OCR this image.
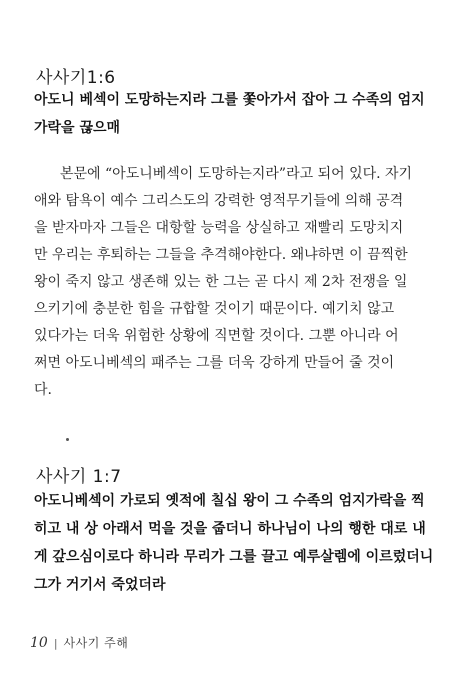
사사기1:6
아도니 베섹이 도망하는지라 그를 쫓아가서 잡아 그 수족의 엄지
가락을 끊으매
본문에 “아도니베섹이 도망하는지라”라고 되어 있다. 자기
애와 탐욕이 예수 그리스도의 강력한 영적무기들에 의해 공격
을 받자마자 그들은 대항할 능력을 상실하고 재빨리 도망치지
만 우리는 후퇴하는 그들을 추격해야한다. 왜냐하면 이 끔찍한
왕이 죽지 않고 생존해 있는 한 그는 곧 다시 제 2차 전쟁을 일
으키기에 충분한 힘을 규합할 것이기 때문이다. 예기치 않고
있다가는 더욱 위험한 상황에 직면할 것이다. 그뿐 아니라 어
쩌면 아도니베섹의 패주는 그를 더욱 강하게 만들어 줄 것이
다.
사사기 1:7
아도니베섹이 가로되 옛적에 칠십 왕이 그 수족의 엄지가락을 찍
히고 내 상 아래서 먹을 것을 줍더니 하나님이 나의 행한 대로 내
게 갚으심이로다 하니라 무리가 그를 끌고 예루살렘에 이르렀더니
그가 거기서 죽었더라
10 | 사사기 주해
